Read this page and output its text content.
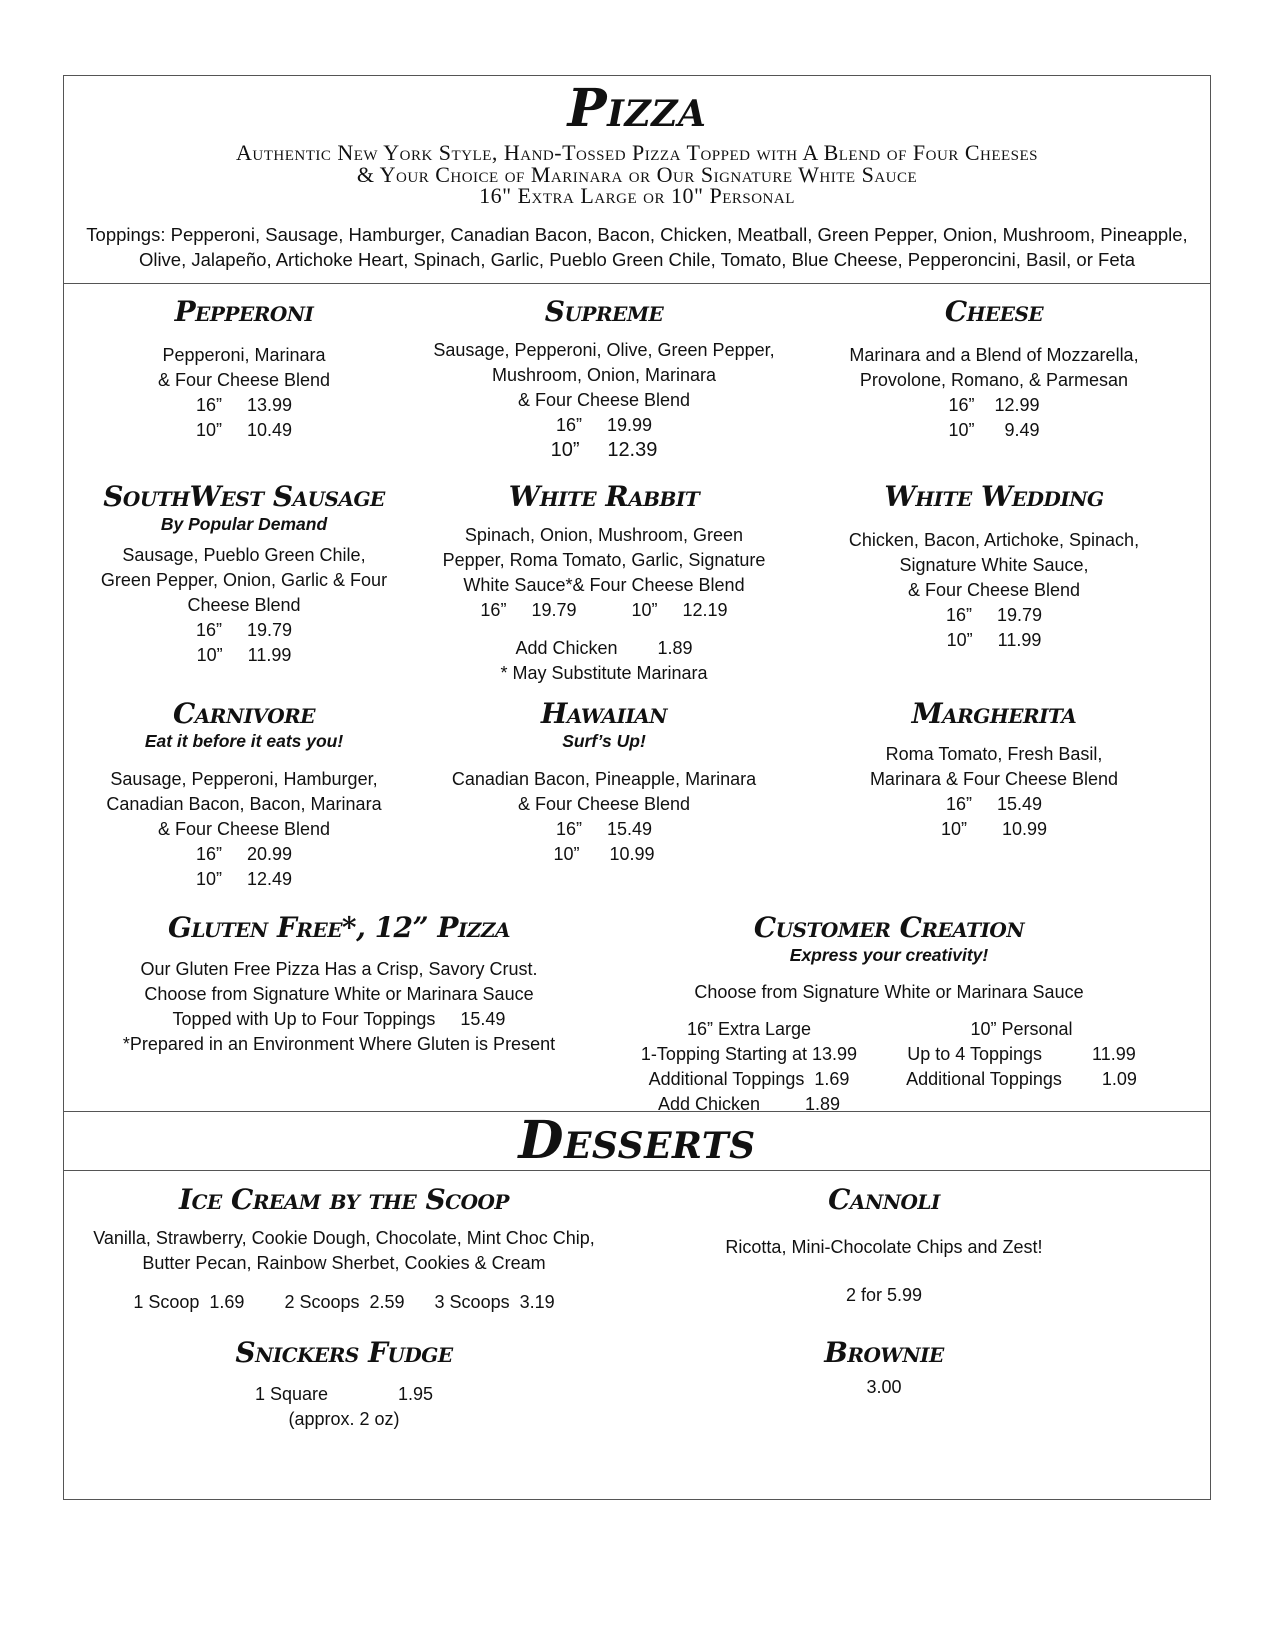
Pizza
Authentic New York Style, Hand-Tossed Pizza Topped with A Blend of Four Cheeses
& Your Choice of Marinara or Our Signature White Sauce
16" Extra Large or 10" Personal
Toppings: Pepperoni, Sausage, Hamburger, Canadian Bacon, Bacon, Chicken, Meatball, Green Pepper, Onion, Mushroom, Pineapple,
Olive, Jalapeño, Artichoke Heart, Spinach, Garlic, Pueblo Green Chile, Tomato, Blue Cheese, Pepperoncini, Basil, or Feta
Pepperoni
Pepperoni, Marinara
& Four Cheese Blend
16”     13.99
10”     10.49
Supreme
Sausage, Pepperoni, Olive, Green Pepper,
Mushroom, Onion, Marinara
& Four Cheese Blend
16”     19.99
10”     12.39
Cheese
Marinara and a Blend of Mozzarella,
Provolone, Romano, & Parmesan
16”    12.99
10”      9.49
SouthWest Sausage
By Popular Demand
Sausage, Pueblo Green Chile,
Green Pepper, Onion, Garlic & Four
Cheese Blend
16”     19.79
10”     11.99
White Rabbit
Spinach, Onion, Mushroom, Green
Pepper, Roma Tomato, Garlic, Signature
White Sauce*& Four Cheese Blend
16”     19.79           10”     12.19
Add Chicken        1.89
* May Substitute Marinara
White Wedding
Chicken, Bacon, Artichoke, Spinach,
Signature White Sauce,
& Four Cheese Blend
16”     19.79
10”     11.99
Carnivore
Eat it before it eats you!
Sausage, Pepperoni, Hamburger,
Canadian Bacon, Bacon, Marinara
& Four Cheese Blend
16”     20.99
10”     12.49
Hawaiian
Surf’s Up!
Canadian Bacon, Pineapple, Marinara
& Four Cheese Blend
16”     15.49
10”      10.99
Margherita
Roma Tomato, Fresh Basil,
Marinara & Four Cheese Blend
16”     15.49
10”       10.99
Gluten Free*, 12” Pizza
Our Gluten Free Pizza Has a Crisp, Savory Crust.
Choose from Signature White or Marinara Sauce
Topped with Up to Four Toppings     15.49
*Prepared in an Environment Where Gluten is Present
Customer Creation
Express your creativity!
Choose from Signature White or Marinara Sauce
16” Extra Large
1-Topping Starting at 13.99
Additional Toppings  1.69
Add Chicken         1.89
10” Personal
Up to 4 Toppings          11.99
Additional Toppings        1.09
Desserts
Ice Cream by the Scoop
Vanilla, Strawberry, Cookie Dough, Chocolate, Mint Choc Chip,
Butter Pecan, Rainbow Sherbet, Cookies & Cream
1 Scoop  1.69        2 Scoops  2.59      3 Scoops  3.19
Cannoli
Ricotta, Mini-Chocolate Chips and Zest!
2 for 5.99
Snickers Fudge
1 Square              1.95
(approx. 2 oz)
Brownie
3.00
